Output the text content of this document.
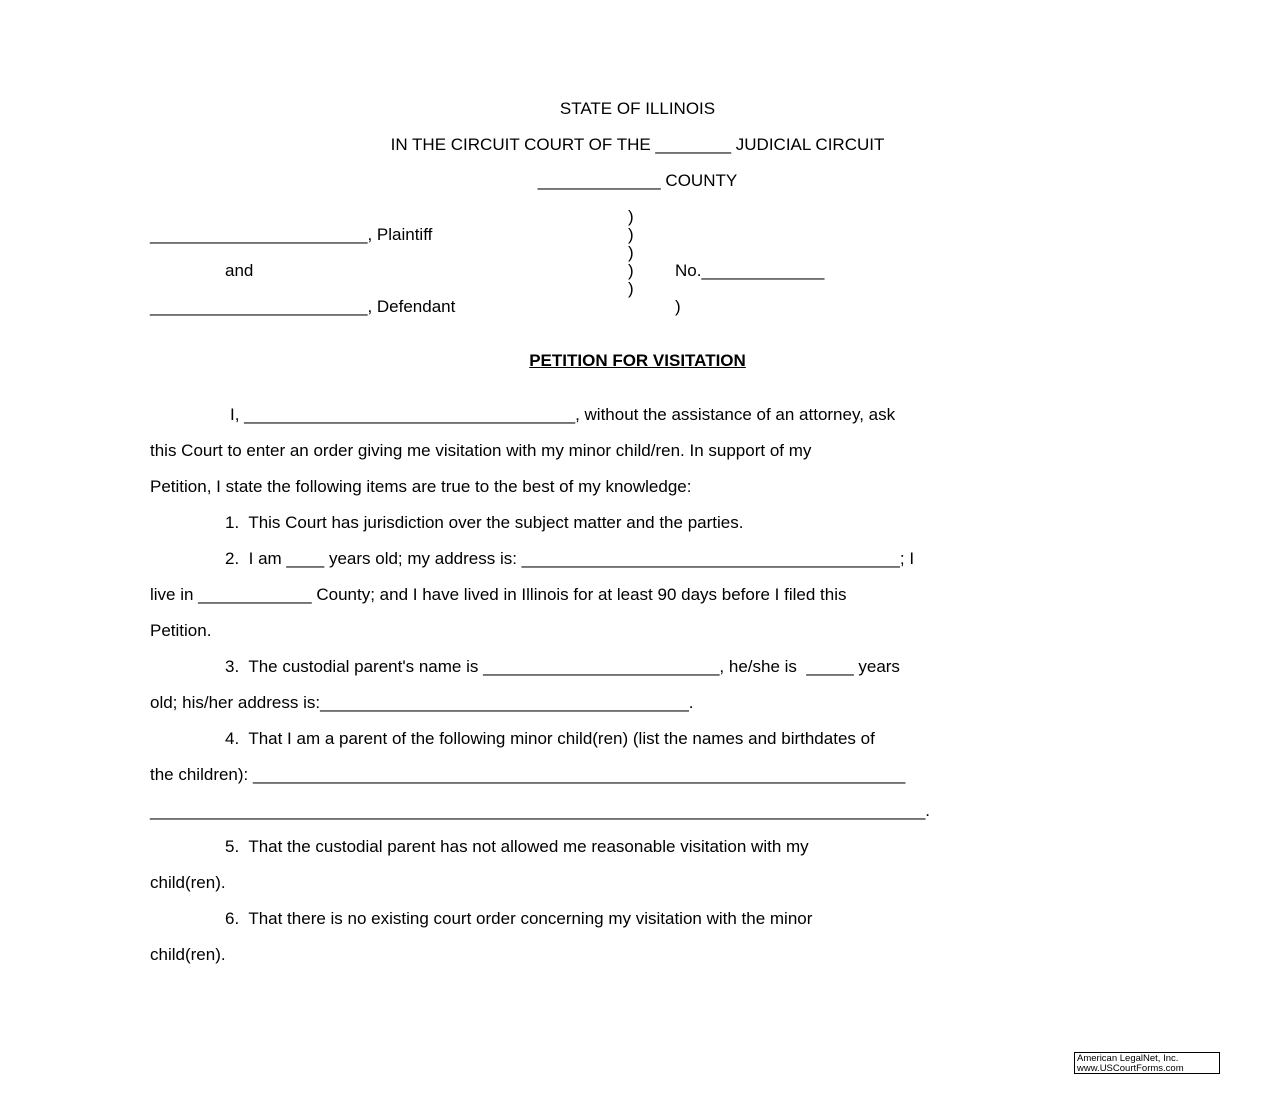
STATE OF ILLINOIS
IN THE CIRCUIT COURT OF THE ________ JUDICIAL CIRCUIT
_____________ COUNTY
_______________________, Plaintiff
and
_______________________, Defendant
)
)
)
)
)
)
No._____________
PETITION FOR VISITATION
I, ___________________________________, without the assistance of an attorney, ask
this Court to enter an order giving me visitation with my minor child/ren. In support of my
Petition, I state the following items are true to the best of my knowledge:
1.  This Court has jurisdiction over the subject matter and the parties.
2.  I am ____ years old; my address is: ________________________________________; I
live in ____________ County; and I have lived in Illinois for at least 90 days before I filed this
Petition.
3.  The custodial parent's name is _________________________, he/she is  _____ years
old; his/her address is:_______________________________________.
4.  That I am a parent of the following minor child(ren) (list the names and birthdates of
the children): _____________________________________________________________________
__________________________________________________________________________________.
5.  That the custodial parent has not allowed me reasonable visitation with my
child(ren).
6.  That there is no existing court order concerning my visitation with the minor
child(ren).
American LegalNet, Inc.
www.USCourtForms.com
